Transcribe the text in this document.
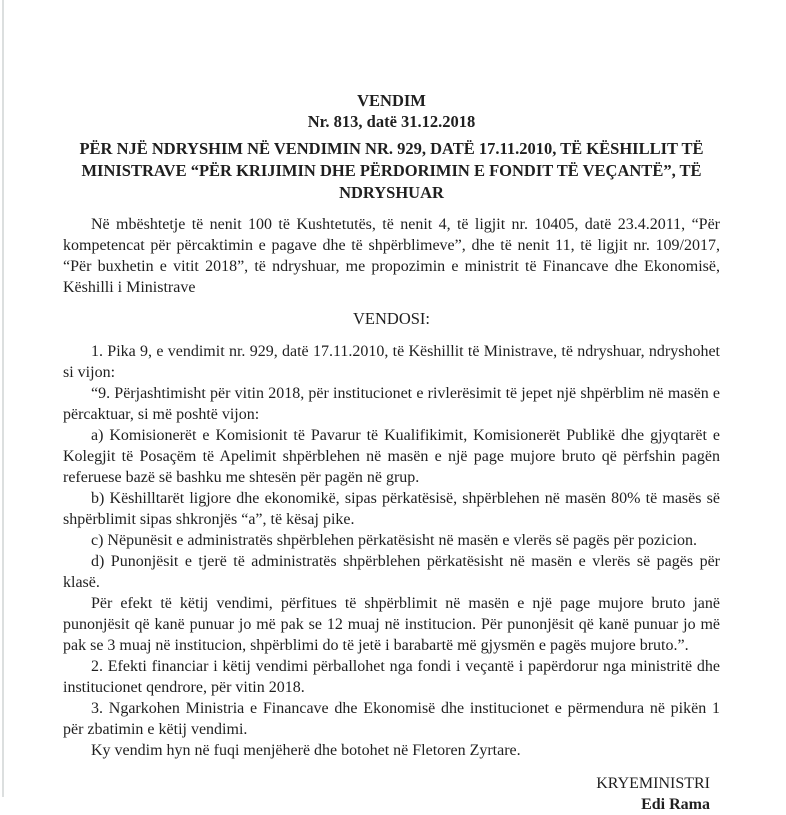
VENDIM

Nr. 813, datë 31.12.2018

PËR NJË NDRYSHIM NË VENDIMIN NR. 929, DATË 17.11.2010, TË KËSHILLIT TË MINISTRAVE “PËR KRIJIMIN DHE PËRDORIMIN E FONDIT TË VEÇANTË”, TË NDRYSHUAR

Në mbështetje të nenit 100 të Kushtetutës, të nenit 4, të ligjit nr. 10405, datë 23.4.2011, “Për kompetencat për përcaktimin e pagave dhe të shpërblimeve”, dhe të nenit 11, të ligjit nr. 109/2017, “Për buxhetin e vitit 2018”, të ndryshuar, me propozimin e ministrit të Financave dhe Ekonomisë, Këshilli i Ministrave

VENDOSI:

1. Pika 9, e vendimit nr. 929, datë 17.11.2010, të Këshillit të Ministrave, të ndryshuar, ndryshohet si vijon:

“9. Përjashtimisht për vitin 2018, për institucionet e rivlerësimit të jepet një shpërblim në masën e përcaktuar, si më poshtë vijon:

a) Komisionerët e Komisionit të Pavarur të Kualifikimit, Komisionerët Publikë dhe gjyqtarët e Kolegjit të Posaçëm të Apelimit shpërblehen në masën e një page mujore bruto që përfshin pagën referuese bazë së bashku me shtesën për pagën në grup.

b) Këshilltarët ligjore dhe ekonomikë, sipas përkatësisë, shpërblehen në masën 80% të masës së shpërblimit sipas shkronjës “a”, të kësaj pike.

c) Nëpunësit e administratës shpërblehen përkatësisht në masën e vlerës së pagës për pozicion.

d) Punonjësit e tjerë të administratës shpërblehen përkatësisht në masën e vlerës së pagës për klasë.

Për efekt të këtij vendimi, përfitues të shpërblimit në masën e një page mujore bruto janë punonjësit që kanë punuar jo më pak se 12 muaj në institucion. Për punonjësit që kanë punuar jo më pak se 3 muaj në institucion, shpërblimi do të jetë i barabartë më gjysmën e pagës mujore bruto.”.

2. Efekti financiar i këtij vendimi përballohet nga fondi i veçantë i papërdorur nga ministritë dhe institucionet qendrore, për vitin 2018.

3. Ngarkohen Ministria e Financave dhe Ekonomisë dhe institucionet e përmendura në pikën 1 për zbatimin e këtij vendimi.

Ky vendim hyn në fuqi menjëherë dhe botohet në Fletoren Zyrtare.

KRYEMINISTRI

Edi Rama
